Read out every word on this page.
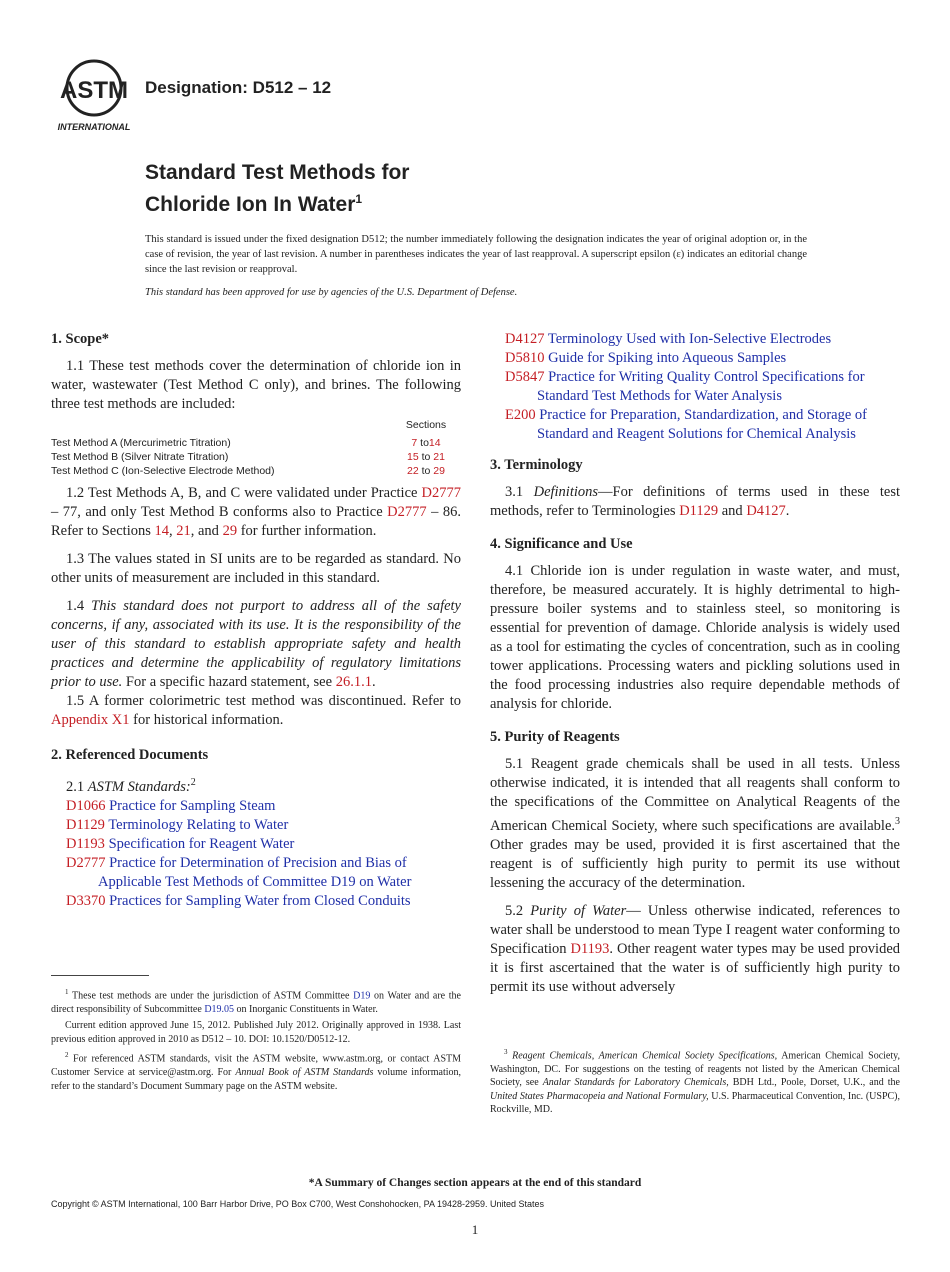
ASTM
INTERNATIONAL
Designation: D512 – 12
Standard Test Methods for
Chloride Ion In Water$^1$
This standard is issued under the fixed designation D512; the number immediately following the designation indicates the year of original adoption or, in the case of revision, the year of last revision. A number in parentheses indicates the year of last reapproval. A superscript epsilon (ε) indicates an editorial change since the last revision or reapproval.
This standard has been approved for use by agencies of the U.S. Department of Defense.
1. Scope*

1.1 These test methods cover the determination of chloride ion in water, wastewater (Test Method C only), and brines. The following three test methods are included:

Sections
Test Method A (Mercurimetric Titration)	7 to14
Test Method B (Silver Nitrate Titration)	15 to 21
Test Method C (Ion-Selective Electrode Method)	22 to 29

1.2 Test Methods A, B, and C were validated under Practice D2777 – 77, and only Test Method B conforms also to Practice D2777 – 86. Refer to Sections 14, 21, and 29 for further information.

1.3 The values stated in SI units are to be regarded as standard. No other units of measurement are included in this standard.

1.4 This standard does not purport to address all of the safety concerns, if any, associated with its use. It is the responsibility of the user of this standard to establish appropriate safety and health practices and determine the applicability of regulatory limitations prior to use. For a specific hazard statement, see 26.1.1.

1.5 A former colorimetric test method was discontinued. Refer to Appendix X1 for historical information.

2. Referenced Documents

2.1 ASTM Standards:$^2$

D1066 Practice for Sampling Steam
D1129 Terminology Relating to Water
D1193 Specification for Reagent Water
D2777 Practice for Determination of Precision and Bias of Applicable Test Methods of Committee D19 on Water
D3370 Practices for Sampling Water from Closed Conduits
$^1$ These test methods are under the jurisdiction of ASTM Committee D19 on Water and are the direct responsibility of Subcommittee D19.05 on Inorganic Constituents in Water.
Current edition approved June 15, 2012. Published July 2012. Originally approved in 1938. Last previous edition approved in 2010 as D512 – 10. DOI: 10.1520/D0512-12.
$^2$ For referenced ASTM standards, visit the ASTM website, www.astm.org, or contact ASTM Customer Service at service@astm.org. For Annual Book of ASTM Standards volume information, refer to the standard’s Document Summary page on the ASTM website.
D4127 Terminology Used with Ion-Selective Electrodes
D5810 Guide for Spiking into Aqueous Samples
D5847 Practice for Writing Quality Control Specifications for Standard Test Methods for Water Analysis
E200 Practice for Preparation, Standardization, and Storage of Standard and Reagent Solutions for Chemical Analysis
3. Terminology

3.1 Definitions—For definitions of terms used in these test methods, refer to Terminologies D1129 and D4127.

4. Significance and Use

4.1 Chloride ion is under regulation in waste water, and must, therefore, be measured accurately. It is highly detrimental to high-pressure boiler systems and to stainless steel, so monitoring is essential for prevention of damage. Chloride analysis is widely used as a tool for estimating the cycles of concentration, such as in cooling tower applications. Processing waters and pickling solutions used in the food processing industries also require dependable methods of analysis for chloride.

5. Purity of Reagents

5.1 Reagent grade chemicals shall be used in all tests. Unless otherwise indicated, it is intended that all reagents shall conform to the specifications of the Committee on Analytical Reagents of the American Chemical Society, where such specifications are available.$^3$ Other grades may be used, provided it is first ascertained that the reagent is of sufficiently high purity to permit its use without lessening the accuracy of the determination.

5.2 Purity of Water— Unless otherwise indicated, references to water shall be understood to mean Type I reagent water conforming to Specification D1193. Other reagent water types may be used provided it is first ascertained that the water is of sufficiently high purity to permit its use without adversely

$^3$ Reagent Chemicals, American Chemical Society Specifications, American Chemical Society, Washington, DC. For suggestions on the testing of reagents not listed by the American Chemical Society, see Analar Standards for Laboratory Chemicals, BDH Ltd., Poole, Dorset, U.K., and the United States Pharmacopeia and National Formulary, U.S. Pharmaceutical Convention, Inc. (USPC), Rockville, MD.
*A Summary of Changes section appears at the end of this standard
Copyright © ASTM International, 100 Barr Harbor Drive, PO Box C700, West Conshohocken, PA 19428-2959. United States
1
